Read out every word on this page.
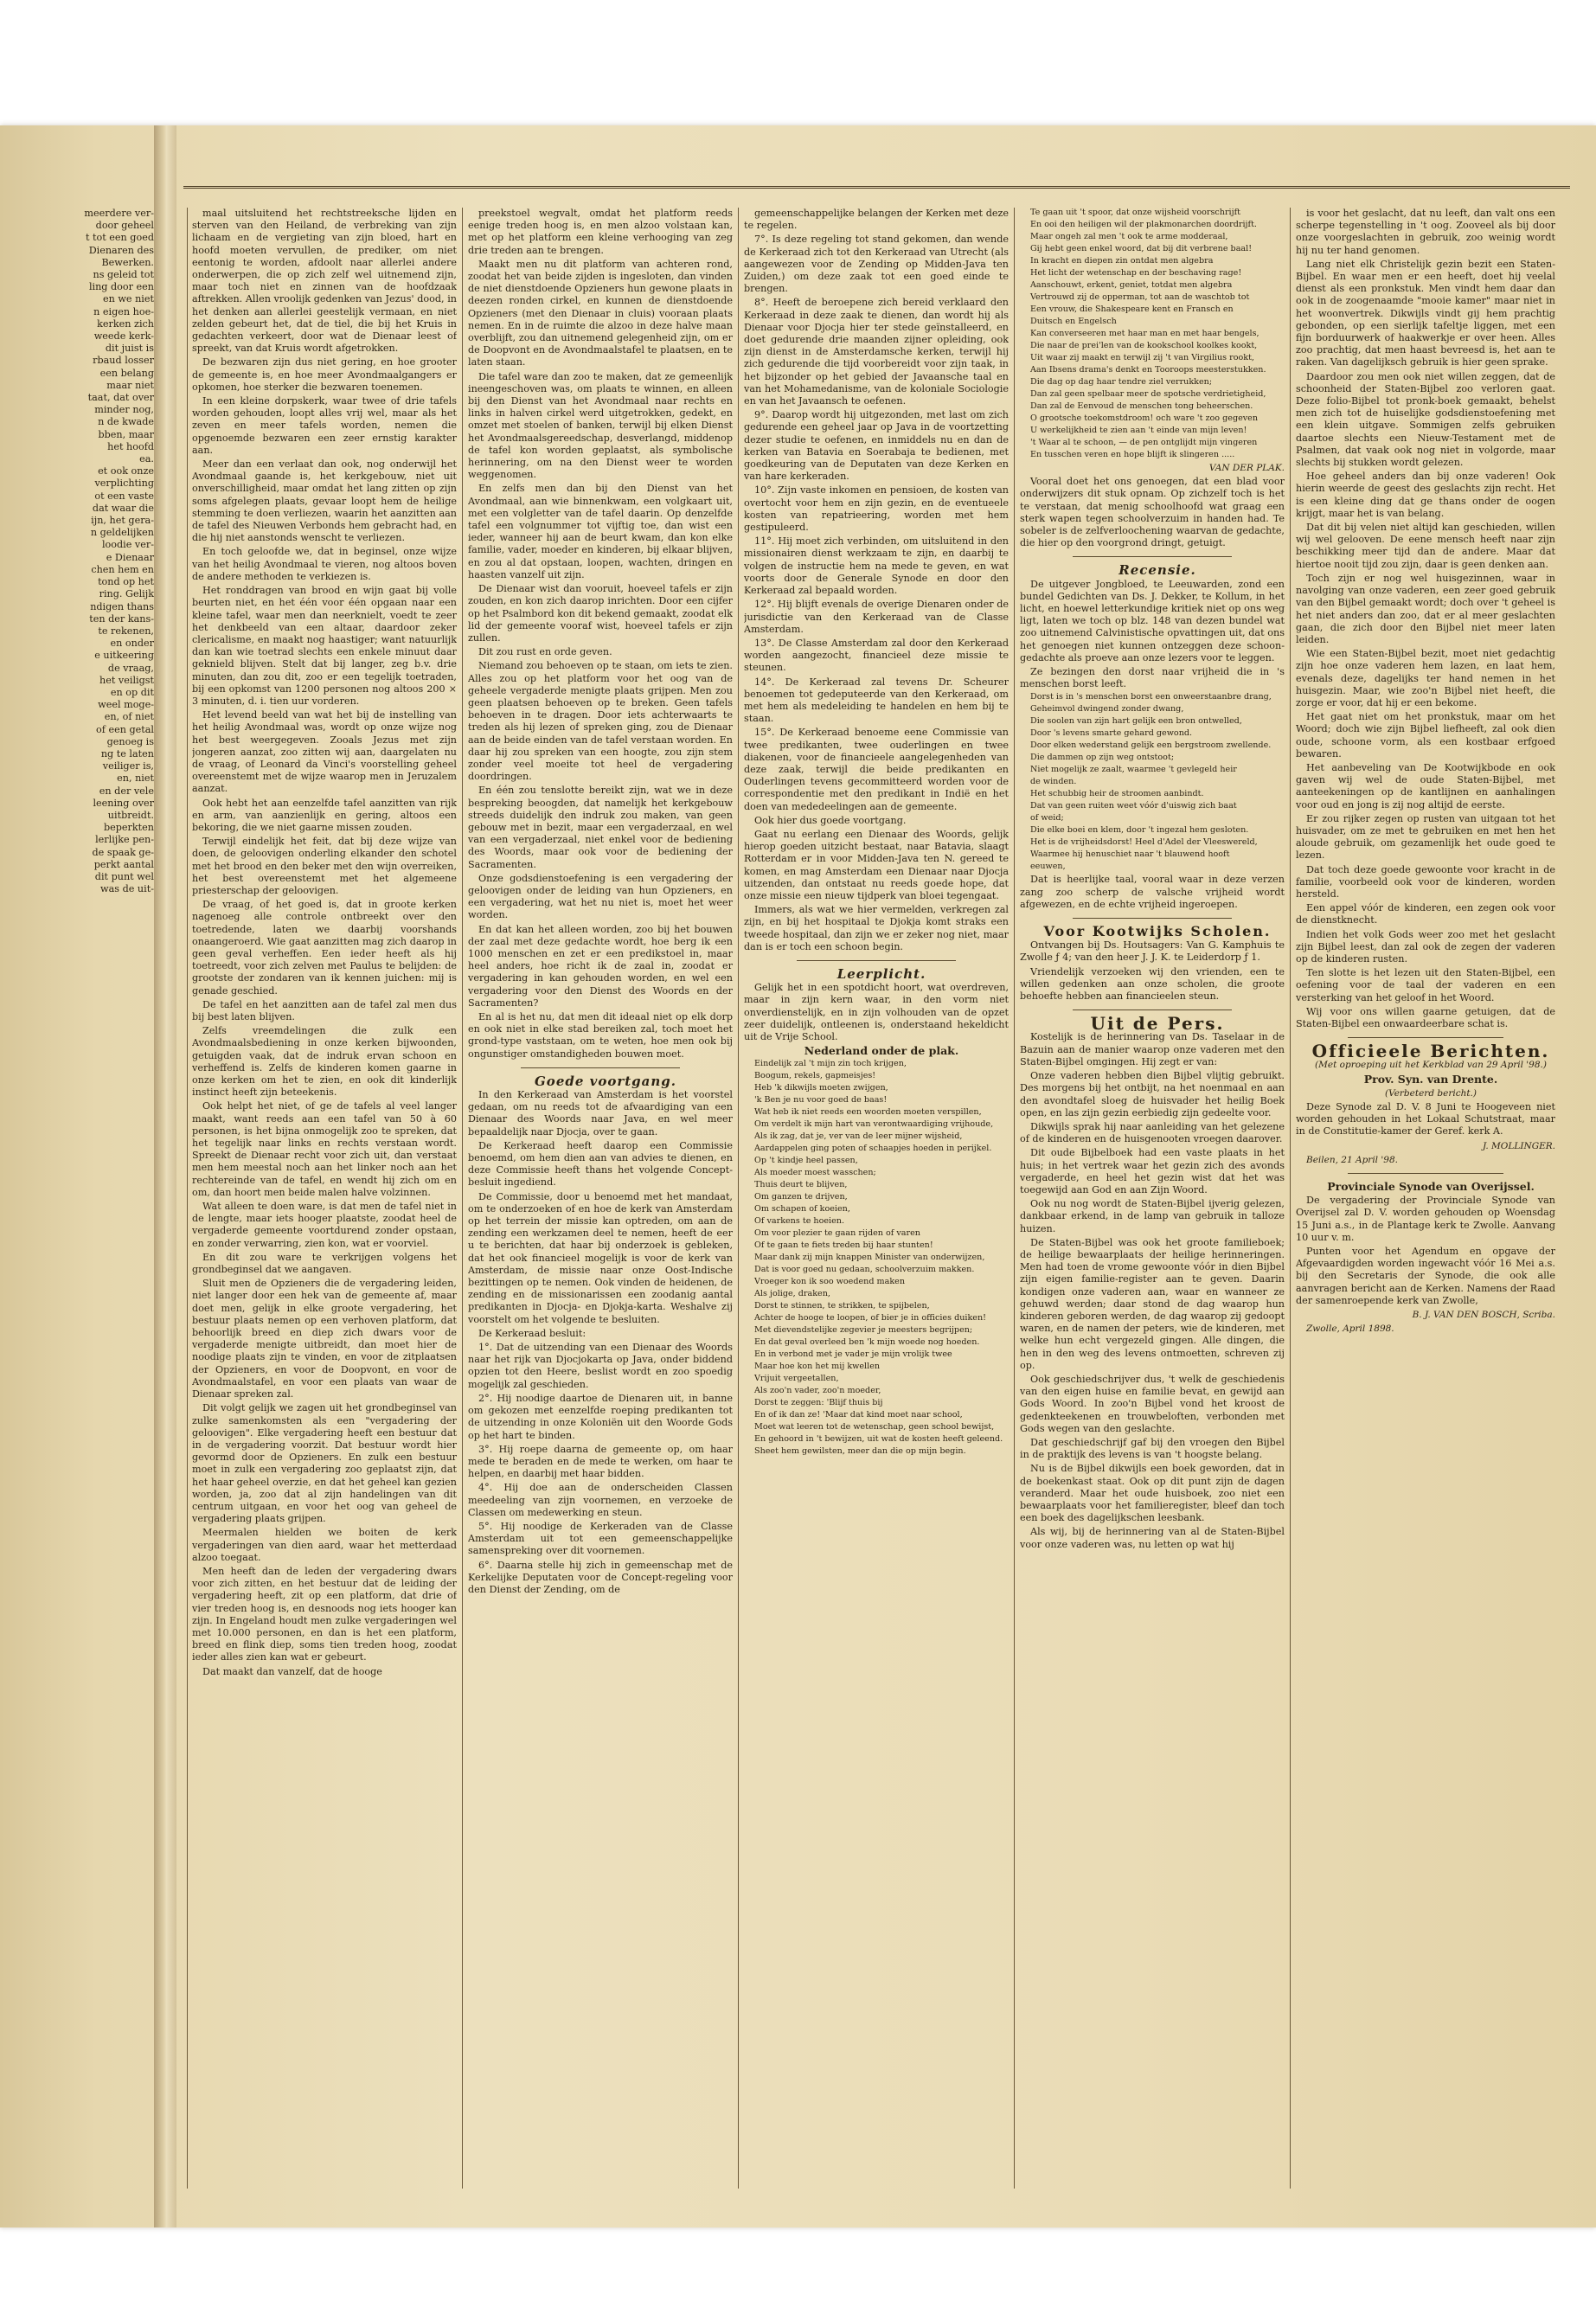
meerdere ver-

door geheel

t tot een goed

Dienaren des

Bewerken.

ns geleid tot

ling door een

en we niet

n eigen hoe-

kerken zich

weede kerk-

dit juist is

rbaud losser

een belang

maar niet

taat, dat over

minder nog,

n de kwade

bben, maar

het hoofd

ea.

et ook onze

verplichting

ot een vaste

dat waar die

ijn, het gera-

n geldelijken

loodie ver-

e Dienaar

chen hem en

tond op het

ring. Gelijk

ndigen thans

ten der kans-

te rekenen,

en onder

e uitkeering

de vraag,

het veiligst

en op dit

weel moge-

en, of niet

of een getal

genoeg is

ng te laten

veiliger is,

en, niet

en der vele

leening over

uitbreidt.

beperkten

lerlijke pen-

de spaak ge-

perkt aantal

dit punt wel

was de uit-

maal uitsluitend het rechtstreeksche lijden en sterven van den Heiland, de verbreking van zijn lichaam en de vergieting van zijn bloed, hart en hoofd moeten vervullen, de prediker, om niet eentonig te worden, afdoolt naar allerlei andere onderwerpen, die op zich zelf wel uitnemend zijn, maar toch niet en zinnen van de hoofdzaak aftrekken. Allen vroolijk gedenken van Jezus' dood, in het denken aan allerlei geestelijk vermaan, en niet zelden gebeurt het, dat de tiel, die bij het Kruis in gedachten verkeert, door wat de Dienaar leest of spreekt, van dat Kruis wordt afgetrokken.

De bezwaren zijn dus niet gering, en hoe grooter de gemeente is, en hoe meer Avondmaalgangers er opkomen, hoe sterker die bezwaren toenemen.

In een kleine dorpskerk, waar twee of drie tafels worden gehouden, loopt alles vrij wel, maar als het zeven en meer tafels worden, nemen die opgenoemde bezwaren een zeer ernstig karakter aan.

Meer dan een verlaat dan ook, nog onderwijl het Avondmaal gaande is, het kerkgebouw, niet uit onverschilligheid, maar omdat het lang zitten op zijn soms afgelegen plaats, gevaar loopt hem de heilige stemming te doen verliezen, waarin het aanzitten aan de tafel des Nieuwen Verbonds hem gebracht had, en die hij niet aanstonds wenscht te verliezen.

En toch geloofde we, dat in beginsel, onze wijze van het heilig Avondmaal te vieren, nog altoos boven de andere methoden te verkiezen is.

Het ronddragen van brood en wijn gaat bij volle beurten niet, en het één voor één opgaan naar een kleine tafel, waar men dan neerknielt, voedt te zeer het denkbeeld van een altaar, daardoor zeker clericalisme, en maakt nog haastiger; want natuurlijk dan kan wie toetrad slechts een enkele minuut daar geknield blijven. Stelt dat bij langer, zeg b.v. drie minuten, dan zou dit, zoo er een tegelijk toetraden, bij een opkomst van 1200 personen nog altoos 200 × 3 minuten, d. i. tien uur vorderen.

Het levend beeld van wat het bij de instelling van het heilig Avondmaal was, wordt op onze wijze nog het best weergegeven. Zooals Jezus met zijn jongeren aanzat, zoo zitten wij aan, daargelaten nu de vraag, of Leonard da Vinci's voorstelling geheel overeenstemt met de wijze waarop men in Jeruzalem aanzat.

Ook hebt het aan eenzelfde tafel aanzitten van rijk en arm, van aanzienlijk en gering, altoos een bekoring, die we niet gaarne missen zouden.

Terwijl eindelijk het feit, dat bij deze wijze van doen, de geloovigen onderling elkander den schotel met het brood en den beker met den wijn overreiken, het best overeenstemt met het algemeene priesterschap der geloovigen.

De vraag, of het goed is, dat in groote kerken nagenoeg alle controle ontbreekt over den toetredende, laten we daarbij voorshands onaangeroerd. Wie gaat aanzitten mag zich daarop in geen geval verheffen. Een ieder heeft als hij toetreedt, voor zich zelven met Paulus te belijden: de grootste der zondaren van ik kennen juichen: mij is genade geschied.

De tafel en het aanzitten aan de tafel zal men dus bij best laten blijven.

Zelfs vreemdelingen die zulk een Avondmaalsbediening in onze kerken bijwoonden, getuigden vaak, dat de indruk ervan schoon en verheffend is. Zelfs de kinderen komen gaarne in onze kerken om het te zien, en ook dit kinderlijk instinct heeft zijn beteekenis.

Ook helpt het niet, of ge de tafels al veel langer maakt, want reeds aan een tafel van 50 à 60 personen, is het bijna onmogelijk zoo te spreken, dat het tegelijk naar links en rechts verstaan wordt. Spreekt de Dienaar recht voor zich uit, dan verstaat men hem meestal noch aan het linker noch aan het rechtereinde van de tafel, en wendt hij zich om en om, dan hoort men beide malen halve volzinnen.

Wat alleen te doen ware, is dat men de tafel niet in de lengte, maar iets hooger plaatste, zoodat heel de vergaderde gemeente voortdurend zonder opstaan, en zonder verwarring, zien kon, wat er voorviel.

En dit zou ware te verkrijgen volgens het grondbeginsel dat we aangaven.

Sluit men de Opzieners die de vergadering leiden, niet langer door een hek van de gemeente af, maar doet men, gelijk in elke groote vergadering, het bestuur plaats nemen op een verhoven platform, dat behoorlijk breed en diep zich dwars voor de vergaderde menigte uitbreidt, dan moet hier de noodige plaats zijn te vinden, en voor de zitplaatsen der Opzieners, en voor de Doopvont, en voor de Avondmaalstafel, en voor een plaats van waar de Dienaar spreken zal.

Dit volgt gelijk we zagen uit het grondbeginsel van zulke samenkomsten als een "vergadering der geloovigen". Elke vergadering heeft een bestuur dat in de vergadering voorzit. Dat bestuur wordt hier gevormd door de Opzieners. En zulk een bestuur moet in zulk een vergadering zoo geplaatst zijn, dat het haar geheel overzie, en dat het geheel kan gezien worden, ja, zoo dat al zijn handelingen van dit centrum uitgaan, en voor het oog van geheel de vergadering plaats grijpen.

Meermalen hielden we boiten de kerk vergaderingen van dien aard, waar het metterdaad alzoo toegaat.

Men heeft dan de leden der vergadering dwars voor zich zitten, en het bestuur dat de leiding der vergadering heeft, zit op een platform, dat drie of vier treden hoog is, en desnoods nog iets hooger kan zijn. In Engeland houdt men zulke vergaderingen wel met 10.000 personen, en dan is het een platform, breed en flink diep, soms tien treden hoog, zoodat ieder alles zien kan wat er gebeurt.

Dat maakt dan vanzelf, dat de hooge

preekstoel wegvalt, omdat het platform reeds eenige treden hoog is, en men alzoo volstaan kan, met op het platform een kleine verhooging van zeg drie treden aan te brengen.

Maakt men nu dit platform van achteren rond, zoodat het van beide zijden is ingesloten, dan vinden de niet dienstdoende Opzieners hun gewone plaats in deezen ronden cirkel, en kunnen de dienstdoende Opzieners (met den Dienaar in cluis) vooraan plaats nemen. En in de ruimte die alzoo in deze halve maan overblijft, zou dan uitnemend gelegenheid zijn, om er de Doopvont en de Avondmaalstafel te plaatsen, en te laten staan.

Die tafel ware dan zoo te maken, dat ze gemeenlijk ineengeschoven was, om plaats te winnen, en alleen bij den Dienst van het Avondmaal naar rechts en links in halven cirkel werd uitgetrokken, gedekt, en omzet met stoelen of banken, terwijl bij elken Dienst het Avondmaalsgereedschap, desverlangd, middenop de tafel kon worden geplaatst, als symbolische herinnering, om na den Dienst weer te worden weggenomen.

En zelfs men dan bij den Dienst van het Avondmaal, aan wie binnenkwam, een volgkaart uit, met een volgletter van de tafel daarin. Op denzelfde tafel een volgnummer tot vijftig toe, dan wist een ieder, wanneer hij aan de beurt kwam, dan kon elke familie, vader, moeder en kinderen, bij elkaar blijven, en zou al dat opstaan, loopen, wachten, dringen en haasten vanzelf uit zijn.

De Dienaar wist dan vooruit, hoeveel tafels er zijn zouden, en kon zich daarop inrichten. Door een cijfer op het Psalmbord kon dit bekend gemaakt, zoodat elk lid der gemeente vooraf wist, hoeveel tafels er zijn zullen.

Dit zou rust en orde geven.

Niemand zou behoeven op te staan, om iets te zien. Alles zou op het platform voor het oog van de geheele vergaderde menigte plaats grijpen. Men zou geen plaatsen behoeven op te breken. Geen tafels behoeven in te dragen. Door iets achterwaarts te treden als hij lezen of spreken ging, zou de Dienaar aan de beide einden van de tafel verstaan worden. En daar hij zou spreken van een hoogte, zou zijn stem zonder veel moeite tot heel de vergadering doordringen.

En één zou tenslotte bereikt zijn, wat we in deze bespreking beoogden, dat namelijk het kerkgebouw streeds duidelijk den indruk zou maken, van geen gebouw met in bezit, maar een vergaderzaal, en wel van een vergaderzaal, niet enkel voor de bediening des Woords, maar ook voor de bediening der Sacramenten.

Onze godsdienstoefening is een vergadering der geloovigen onder de leiding van hun Opzieners, en een vergadering, wat het nu niet is, moet het weer worden.

En dat kan het alleen worden, zoo bij het bouwen der zaal met deze gedachte wordt, hoe berg ik een 1000 menschen en zet er een predikstoel in, maar heel anders, hoe richt ik de zaal in, zoodat er vergadering in kan gehouden worden, en wel een vergadering voor den Dienst des Woords en der Sacramenten?

En al is het nu, dat men dit ideaal niet op elk dorp en ook niet in elke stad bereiken zal, toch moet het grond-type vaststaan, om te weten, hoe men ook bij ongunstiger omstandigheden bouwen moet.

Goede voortgang.

In den Kerkeraad van Amsterdam is het voorstel gedaan, om nu reeds tot de afvaardiging van een Dienaar des Woords naar Java, en wel meer bepaaldelijk naar Djocja, over te gaan.

De Kerkeraad heeft daarop een Commissie benoemd, om hem dien aan van advies te dienen, en deze Commissie heeft thans het volgende Concept-besluit ingediend.

De Commissie, door u benoemd met het mandaat, om te onderzoeken of en hoe de kerk van Amsterdam op het terrein der missie kan optreden, om aan de zending een werkzamen deel te nemen, heeft de eer u te berichten, dat haar bij onderzoek is gebleken, dat het ook financieel mogelijk is voor de kerk van Amsterdam, de missie naar onze Oost-Indische bezittingen op te nemen. Ook vinden de heidenen, de zending en de missionarissen een zoodanig aantal predikanten in Djocja- en Djokja-karta. Weshalve zij voorstelt om het volgende te besluiten.

De Kerkeraad besluit:

1°. Dat de uitzending van een Dienaar des Woords naar het rijk van Djocjokarta op Java, onder biddend opzien tot den Heere, beslist wordt en zoo spoedig mogelijk zal geschieden.

2°. Hij noodige daartoe de Dienaren uit, in banne om gekozen met eenzelfde roeping predikanten tot de uitzending in onze Koloniën uit den Woorde Gods op het hart te binden.

3°. Hij roepe daarna de gemeente op, om haar mede te beraden en de mede te werken, om haar te helpen, en daarbij met haar bidden.

4°. Hij doe aan de onderscheiden Classen meedeeling van zijn voornemen, en verzoeke de Classen om medewerking en steun.

5°. Hij noodige de Kerkeraden van de Classe Amsterdam uit tot een gemeenschappelijke samenspreking over dit voornemen.

6°. Daarna stelle hij zich in gemeenschap met de Kerkelijke Deputaten voor de Concept-regeling voor den Dienst der Zending, om de

gemeenschappelijke belangen der Kerken met deze te regelen.

7°. Is deze regeling tot stand gekomen, dan wende de Kerkeraad zich tot den Kerkeraad van Utrecht (als aangewezen voor de Zending op Midden-Java ten Zuiden,) om deze zaak tot een goed einde te brengen.

8°. Heeft de beroepene zich bereid verklaard den Kerkeraad in deze zaak te dienen, dan wordt hij als Dienaar voor Djocja hier ter stede geïnstalleerd, en doet gedurende drie maanden zijner opleiding, ook zijn dienst in de Amsterdamsche kerken, terwijl hij zich gedurende die tijd voorbereidt voor zijn taak, in het bijzonder op het gebied der Javaansche taal en van het Mohamedanisme, van de koloniale Sociologie en van het Javaansch te oefenen.

9°. Daarop wordt hij uitgezonden, met last om zich gedurende een geheel jaar op Java in de voortzetting dezer studie te oefenen, en inmiddels nu en dan de kerken van Batavia en Soerabaja te bedienen, met goedkeuring van de Deputaten van deze Kerken en van hare kerkeraden.

10°. Zijn vaste inkomen en pensioen, de kosten van overtocht voor hem en zijn gezin, en de eventueele kosten van repatrieering, worden met hem gestipuleerd.

11°. Hij moet zich verbinden, om uitsluitend in den missionairen dienst werkzaam te zijn, en daarbij te volgen de instructie hem na mede te geven, en wat voorts door de Generale Synode en door den Kerkeraad zal bepaald worden.

12°. Hij blijft evenals de overige Dienaren onder de jurisdictie van den Kerkeraad van de Classe Amsterdam.

13°. De Classe Amsterdam zal door den Kerkeraad worden aangezocht, financieel deze missie te steunen.

14°. De Kerkeraad zal tevens Dr. Scheurer benoemen tot gedeputeerde van den Kerkeraad, om met hem als medeleiding te handelen en hem bij te staan.

15°. De Kerkeraad benoeme eene Commissie van twee predikanten, twee ouderlingen en twee diakenen, voor de financieele aangelegenheden van deze zaak, terwijl die beide predikanten en Ouderlingen tevens gecommitteerd worden voor de correspondentie met den predikant in Indië en het doen van mededeelingen aan de gemeente.

Ook hier dus goede voortgang.

Gaat nu eerlang een Dienaar des Woords, gelijk hierop goeden uitzicht bestaat, naar Batavia, slaagt Rotterdam er in voor Midden-Java ten N. gereed te komen, en mag Amsterdam een Dienaar naar Djocja uitzenden, dan ontstaat nu reeds goede hope, dat onze missie een nieuw tijdperk van bloei tegengaat.

Immers, als wat we hier vermelden, verkregen zal zijn, en bij het hospitaal te Djokja komt straks een tweede hospitaal, dan zijn we er zeker nog niet, maar dan is er toch een schoon begin.

Leerplicht.

Gelijk het in een spotdicht hoort, wat overdreven, maar in zijn kern waar, in den vorm niet onverdienstelijk, en in zijn volhouden van de opzet zeer duidelijk, ontleenen is, onderstaand hekeldicht uit de Vrije School.

Nederland onder de plak.

Eindelijk zal 't mijn zin toch krijgen,

Boogum, rekels, gapmeisjes!

Heb 'k dikwijls moeten zwijgen,

'k Ben je nu voor goed de baas!

Wat heb ik niet reeds een woorden moeten verspillen,

Om verdelt ik mijn hart van verontwaardiging vrijhoude,

Als ik zag, dat je, ver van de leer mijner wijsheid,

Aardappelen ging poten of schaapjes hoeden in perijkel.

Op 't kindje heel passen,

Als moeder moest wasschen;

Thuis deurt te blijven,

Om ganzen te drijven,

Om schapen of koeien,

Of varkens te hoeien.

Om voor plezier te gaan rijden of varen

Of te gaan te fiets treden bij haar stunten!

Maar dank zij mijn knappen Minister van onderwijzen,

Dat is voor goed nu gedaan, schoolverzuim makken.

Vroeger kon ik soo woedend maken

Als jolige, draken,

Dorst te stinnen, te strikken, te spijbelen,

Achter de hooge te loopen, of bier je in officies duiken!

Met dievendstelijke zegevier je meesters begrijpen;

En dat geval overleed ben 'k mijn woede nog hoeden.

En in verbond met je vader je mijn vrolijk twee

Maar hoe kon het mij kwellen

Vrijuit vergeetallen,

Als zoo'n vader, zoo'n moeder,

Dorst te zeggen: 'Blijf thuis bij

En of ik dan ze! 'Maar dat kind moet naar school,

Moet wat leeren tot de wetenschap, geen school bewijst,

En gehoord in 't bewijzen, uit wat de kosten heeft geleend.

Sheet hem gewilsten, meer dan die op mijn begin.

Te gaan uit 't spoor, dat onze wijsheid voorschrijft

En ooi den heiligen wil der plakmonarchen doordrijft.

Maar ongeh zal men 't ook te arme modderaal,

Gij hebt geen enkel woord, dat bij dit verbrene baal!

In kracht en diepen zin ontdat men algebra

Het licht der wetenschap en der beschaving rage!

Aanschouwt, erkent, geniet, totdat men algebra

Vertrouwd zij de opperman, tot aan de waschtob tot

Een vrouw, die Shakespeare kent en Fransch en

Duitsch en Engelsch

Kan converseeren met haar man en met haar bengels,

Die naar de prei'len van de kookschool koolkes kookt,

Uit waar zij maakt en terwijl zij 't van Virgilius rookt,

Aan Ibsens drama's denkt en Tooroops meesterstukken.

Die dag op dag haar tendre ziel verrukken;

Dan zal geen spelbaar meer de spotsche verdrietigheid,

Dan zal de Eenvoud de menschen tong beheerschen.

O grootsche toekomstdroom! och ware 't zoo gegeven

U werkelijkheid te zien aan 't einde van mijn leven!

't Waar al te schoon, — de pen ontglijdt mijn vingeren

En tusschen veren en hope blijft ik slingeren .....

VAN DER PLAK.

Vooral doet het ons genoegen, dat een blad voor onderwijzers dit stuk opnam. Op zichzelf toch is het te verstaan, dat menig schoolhoofd wat graag een sterk wapen tegen schoolverzuim in handen had. Te sobeler is de zelfverloochening waarvan de gedachte, die hier op den voorgrond dringt, getuigt.

Recensie.

De uitgever Jongbloed, te Leeuwarden, zond een bundel Gedichten van Ds. J. Dekker, te Kollum, in het licht, en hoewel letterkundige kritiek niet op ons weg ligt, laten we toch op blz. 148 van dezen bundel wat zoo uitnemend Calvinistische opvattingen uit, dat ons het genoegen niet kunnen ontzeggen deze schoon-gedachte als proeve aan onze lezers voor te leggen.

Ze bezingen den dorst naar vrijheid die in 's menschen borst leeft.

Dorst is in 's menschen borst een onweerstaanbre drang,

Geheimvol dwingend zonder dwang,

Die soolen van zijn hart gelijk een bron ontwelled,

Door 's levens smarte gehard gewond.

Door elken wederstand gelijk een bergstroom zwellende.

Die dammen op zijn weg ontstoot;

Niet mogelijk ze zaalt, waarmee 't gevlegeld heir

de winden.

Het schubbig heir de stroomen aanbindt.

Dat van geen ruiten weet vóór d'uiswig zich baat

of weid;

Die elke boei en klem, door 't ingezal hem gesloten.

Het is de vrijheidsdorst! Heel d'Adel der Vleeswereld,

Waarmee hij henuschiet naar 't blauwend hooft

eeuwen,

Dat is heerlijke taal, vooral waar in deze verzen zang zoo scherp de valsche vrijheid wordt afgewezen, en de echte vrijheid ingeroepen.

Voor Kootwijks Scholen.

Ontvangen bij Ds. Houtsagers: Van G. Kamphuis te Zwolle ƒ 4; van den heer J. J. K. te Leiderdorp ƒ 1.

Vriendelijk verzoeken wij den vrienden, een te willen gedenken aan onze scholen, die groote behoefte hebben aan financieelen steun.

Uit de Pers.

Kostelijk is de herinnering van Ds. Taselaar in de Bazuin aan de manier waarop onze vaderen met den Staten-Bijbel omgingen. Hij zegt er van:

Onze vaderen hebben dien Bijbel vlijtig gebruikt. Des morgens bij het ontbijt, na het noenmaal en aan den avondtafel sloeg de huisvader het heilig Boek open, en las zijn gezin eerbiedig zijn gedeelte voor.

Dikwijls sprak hij naar aanleiding van het gelezene of de kinderen en de huisgenooten vroegen daarover.

Dit oude Bijbelboek had een vaste plaats in het huis; in het vertrek waar het gezin zich des avonds vergaderde, en heel het gezin wist dat het was toegewijd aan God en aan Zijn Woord.

Ook nu nog wordt de Staten-Bijbel ijverig gelezen, dankbaar erkend, in de lamp van gebruik in talloze huizen.

De Staten-Bijbel was ook het groote familieboek; de heilige bewaarplaats der heilige herinneringen. Men had toen de vrome gewoonte vóór in dien Bijbel zijn eigen familie-register aan te geven. Daarin kondigen onze vaderen aan, waar en wanneer ze gehuwd werden; daar stond de dag waarop hun kinderen geboren werden, de dag waarop zij gedoopt waren, en de namen der peters, wie de kinderen, met welke hun echt vergezeld gingen. Alle dingen, die hen in den weg des levens ontmoetten, schreven zij op.

Ook geschiedschrijver dus, 't welk de geschiedenis van den eigen huise en familie bevat, en gewijd aan Gods Woord. In zoo'n Bijbel vond het kroost de gedenkteekenen en trouwbeloften, verbonden met Gods wegen van den geslachte.

Dat geschiedschrijf gaf bij den vroegen den Bijbel in de praktijk des levens is van 't hoogste belang.

Nu is de Bijbel dikwijls een boek geworden, dat in de boekenkast staat. Ook op dit punt zijn de dagen veranderd. Maar het oude huisboek, zoo niet een bewaarplaats voor het familieregister, bleef dan toch een boek des dagelijkschen leesbank.

Als wij, bij de herinnering van al de Staten-Bijbel voor onze vaderen was, nu letten op wat hij

is voor het geslacht, dat nu leeft, dan valt ons een scherpe tegenstelling in 't oog. Zooveel als bij door onze voorgeslachten in gebruik, zoo weinig wordt hij nu ter hand genomen.

Lang niet elk Christelijk gezin bezit een Staten-Bijbel. En waar men er een heeft, doet hij veelal dienst als een pronkstuk. Men vindt hem daar dan ook in de zoogenaamde "mooie kamer" maar niet in het woonvertrek. Dikwijls vindt gij hem prachtig gebonden, op een sierlijk tafeltje liggen, met een fijn borduurwerk of haakwerkje er over heen. Alles zoo prachtig, dat men haast bevreesd is, het aan te raken. Van dagelijksch gebruik is hier geen sprake.

Daardoor zou men ook niet willen zeggen, dat de schoonheid der Staten-Bijbel zoo verloren gaat. Deze folio-Bijbel tot pronk-boek gemaakt, behelst men zich tot de huiselijke godsdienstoefening met een klein uitgave. Sommigen zelfs gebruiken daartoe slechts een Nieuw-Testament met de Psalmen, dat vaak ook nog niet in volgorde, maar slechts bij stukken wordt gelezen.

Hoe geheel anders dan bij onze vaderen! Ook hierin weerde de geest des geslachts zijn recht. Het is een kleine ding dat ge thans onder de oogen krijgt, maar het is van belang.

Dat dit bij velen niet altijd kan geschieden, willen wij wel gelooven. De eene mensch heeft naar zijn beschikking meer tijd dan de andere. Maar dat hiertoe nooit tijd zou zijn, daar is geen denken aan.

Toch zijn er nog wel huisgezinnen, waar in navolging van onze vaderen, een zeer goed gebruik van den Bijbel gemaakt wordt; doch over 't geheel is het niet anders dan zoo, dat er al meer geslachten gaan, die zich door den Bijbel niet meer laten leiden.

Wie een Staten-Bijbel bezit, moet niet gedachtig zijn hoe onze vaderen hem lazen, en laat hem, evenals deze, dagelijks ter hand nemen in het huisgezin. Maar, wie zoo'n Bijbel niet heeft, die zorge er voor, dat hij er een bekome.

Het gaat niet om het pronkstuk, maar om het Woord; doch wie zijn Bijbel liefheeft, zal ook dien oude, schoone vorm, als een kostbaar erfgoed bewaren.

Het aanbeveling van De Kootwijkbode en ook gaven wij wel de oude Staten-Bijbel, met aanteekeningen op de kantlijnen en aanhalingen voor oud en jong is zij nog altijd de eerste.

Er zou rijker zegen op rusten van uitgaan tot het huisvader, om ze met te gebruiken en met hen het aloude gebruik, om gezamenlijk het oude goed te lezen.

Dat toch deze goede gewoonte voor kracht in de familie, voorbeeld ook voor de kinderen, worden hersteld.

Een appel vóór de kinderen, een zegen ook voor de dienstknecht.

Indien het volk Gods weer zoo met het geslacht zijn Bijbel leest, dan zal ook de zegen der vaderen op de kinderen rusten.

Ten slotte is het lezen uit den Staten-Bijbel, een oefening voor de taal der vaderen en een versterking van het geloof in het Woord.

Wij voor ons willen gaarne getuigen, dat de Staten-Bijbel een onwaardeerbare schat is.

Officieele Berichten.

(Met oproeping uit het Kerkblad van 29 April '98.)

Prov. Syn. van Drente.

(Verbeterd bericht.)

Deze Synode zal D. V. 8 Juni te Hoogeveen niet worden gehouden in het Lokaal Schutstraat, maar in de Constitutie-kamer der Geref. kerk A.

J. MOLLINGER.

Beilen, 21 April '98.

Provinciale Synode van Overijssel.

De vergadering der Provinciale Synode van Overijsel zal D. V. worden gehouden op Woensdag 15 Juni a.s., in de Plantage kerk te Zwolle. Aanvang 10 uur v. m.

Punten voor het Agendum en opgave der Afgevaardigden worden ingewacht vóór 16 Mei a.s. bij den Secretaris der Synode, die ook alle aanvragen bericht aan de Kerken. Namens der Raad der samenroepende kerk van Zwolle,

B. J. VAN DEN BOSCH, Scriba.

Zwolle, April 1898.
